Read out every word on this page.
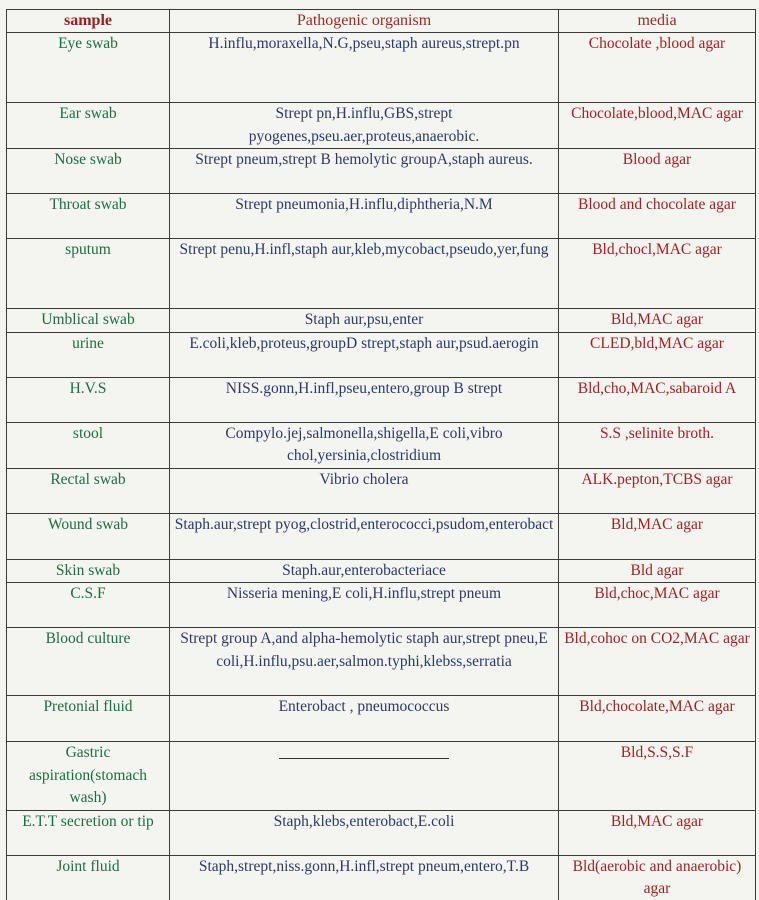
sample	Pathogenic organism	media
Eye swab	H.influ,moraxella,N.G,pseu,staph aureus,strept.pn	Chocolate ,blood agar
Ear swab	Strept pn,H.influ,GBS,strept pyogenes,pseu.aer,proteus,anaerobic.	Chocolate,blood,MAC agar
Nose swab	Strept pneum,strept B hemolytic groupA,staph aureus.	Blood agar
Throat swab	Strept pneumonia,H.influ,diphtheria,N.M	Blood and chocolate agar
sputum	Strept penu,H.infl,staph aur,kleb,mycobact,pseudo,yer,fung	Bld,chocl,MAC agar
Umblical swab	Staph aur,psu,enter	Bld,MAC agar
urine	E.coli,kleb,proteus,groupD strept,staph aur,psud.aerogin	CLED,bld,MAC agar
H.V.S	NISS.gonn,H.infl,pseu,entero,group B strept	Bld,cho,MAC,sabaroid A
stool	Compylo.jej,salmonella,shigella,E coli,vibro chol,yersinia,clostridium	S.S ,selinite broth.
Rectal swab	Vibrio cholera	ALK.pepton,TCBS agar
Wound swab	Staph.aur,strept pyog,clostrid,enterococci,psudom,enterobact	Bld,MAC agar
Skin swab	Staph.aur,enterobacteriace	Bld agar
C.S.F	Nisseria mening,E coli,H.influ,strept pneum	Bld,choc,MAC agar
Blood culture	Strept group A,and alpha-hemolytic staph aur,strept pneu,E coli,H.influ,psu.aer,salmon.typhi,klebss,serratia	Bld,cohoc on CO2,MAC agar
Pretonial fluid	Enterobact , pneumococcus	Bld,chocolate,MAC agar
Gastric aspiration(stomach wash)		Bld,S.S,S.F
E.T.T secretion or tip	Staph,klebs,enterobact,E.coli	Bld,MAC agar
Joint fluid	Staph,strept,niss.gonn,H.infl,strept pneum,entero,T.B	Bld(aerobic and anaerobic) agar
